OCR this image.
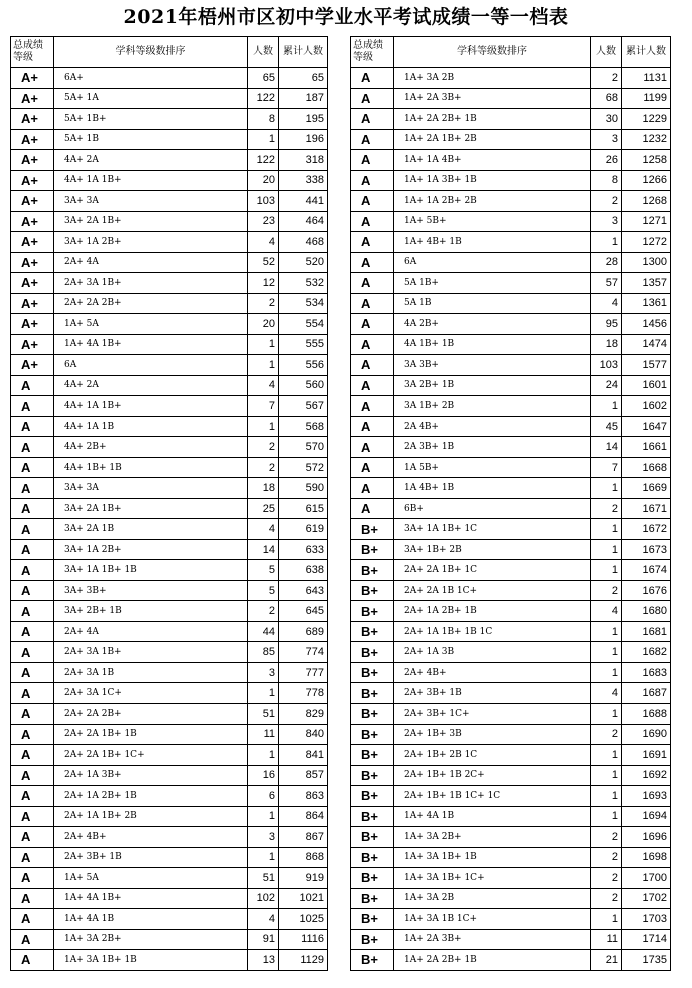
2021年梧州市区初中学业水平考试成绩一等一档表
总成绩
等级	学科等级数排序	人数	累计人数
A+	6A+	65	65
A+	5A+ 1A	122	187
A+	5A+ 1B+	8	195
A+	5A+ 1B	1	196
A+	4A+ 2A	122	318
A+	4A+ 1A 1B+	20	338
A+	3A+ 3A	103	441
A+	3A+ 2A 1B+	23	464
A+	3A+ 1A 2B+	4	468
A+	2A+ 4A	52	520
A+	2A+ 3A 1B+	12	532
A+	2A+ 2A 2B+	2	534
A+	1A+ 5A	20	554
A+	1A+ 4A 1B+	1	555
A+	6A	1	556
A	4A+ 2A	4	560
A	4A+ 1A 1B+	7	567
A	4A+ 1A 1B	1	568
A	4A+ 2B+	2	570
A	4A+ 1B+ 1B	2	572
A	3A+ 3A	18	590
A	3A+ 2A 1B+	25	615
A	3A+ 2A 1B	4	619
A	3A+ 1A 2B+	14	633
A	3A+ 1A 1B+ 1B	5	638
A	3A+ 3B+	5	643
A	3A+ 2B+ 1B	2	645
A	2A+ 4A	44	689
A	2A+ 3A 1B+	85	774
A	2A+ 3A 1B	3	777
A	2A+ 3A 1C+	1	778
A	2A+ 2A 2B+	51	829
A	2A+ 2A 1B+ 1B	11	840
A	2A+ 2A 1B+ 1C+	1	841
A	2A+ 1A 3B+	16	857
A	2A+ 1A 2B+ 1B	6	863
A	2A+ 1A 1B+ 2B	1	864
A	2A+ 4B+	3	867
A	2A+ 3B+ 1B	1	868
A	1A+ 5A	51	919
A	1A+ 4A 1B+	102	1021
A	1A+ 4A 1B	4	1025
A	1A+ 3A 2B+	91	1116
A	1A+ 3A 1B+ 1B	13	1129
总成绩
等级	学科等级数排序	人数	累计人数
A	1A+ 3A 2B	2	1131
A	1A+ 2A 3B+	68	1199
A	1A+ 2A 2B+ 1B	30	1229
A	1A+ 2A 1B+ 2B	3	1232
A	1A+ 1A 4B+	26	1258
A	1A+ 1A 3B+ 1B	8	1266
A	1A+ 1A 2B+ 2B	2	1268
A	1A+ 5B+	3	1271
A	1A+ 4B+ 1B	1	1272
A	6A	28	1300
A	5A 1B+	57	1357
A	5A 1B	4	1361
A	4A 2B+	95	1456
A	4A 1B+ 1B	18	1474
A	3A 3B+	103	1577
A	3A 2B+ 1B	24	1601
A	3A 1B+ 2B	1	1602
A	2A 4B+	45	1647
A	2A 3B+ 1B	14	1661
A	1A 5B+	7	1668
A	1A 4B+ 1B	1	1669
A	6B+	2	1671
B+	3A+ 1A 1B+ 1C	1	1672
B+	3A+ 1B+ 2B	1	1673
B+	2A+ 2A 1B+ 1C	1	1674
B+	2A+ 2A 1B 1C+	2	1676
B+	2A+ 1A 2B+ 1B	4	1680
B+	2A+ 1A 1B+ 1B 1C	1	1681
B+	2A+ 1A 3B	1	1682
B+	2A+ 4B+	1	1683
B+	2A+ 3B+ 1B	4	1687
B+	2A+ 3B+ 1C+	1	1688
B+	2A+ 1B+ 3B	2	1690
B+	2A+ 1B+ 2B 1C	1	1691
B+	2A+ 1B+ 1B 2C+	1	1692
B+	2A+ 1B+ 1B 1C+ 1C	1	1693
B+	1A+ 4A 1B	1	1694
B+	1A+ 3A 2B+	2	1696
B+	1A+ 3A 1B+ 1B	2	1698
B+	1A+ 3A 1B+ 1C+	2	1700
B+	1A+ 3A 2B	2	1702
B+	1A+ 3A 1B 1C+	1	1703
B+	1A+ 2A 3B+	11	1714
B+	1A+ 2A 2B+ 1B	21	1735
